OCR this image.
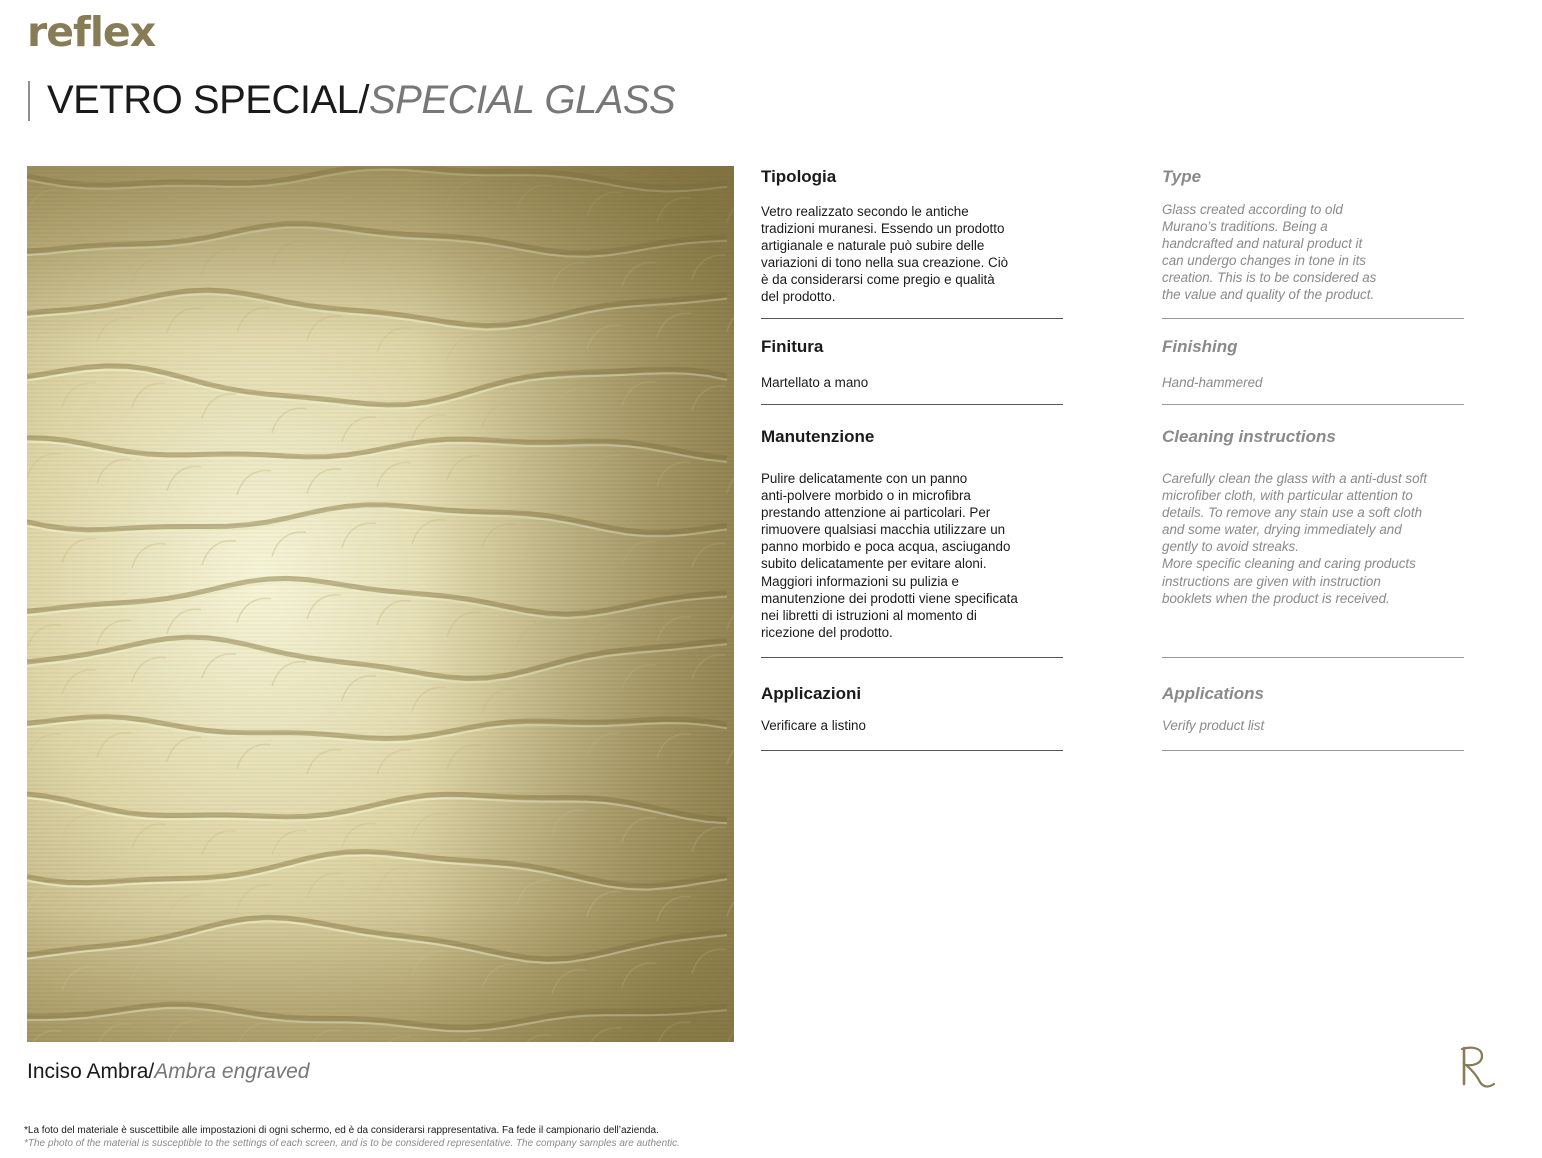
reflex
VETRO SPECIAL/SPECIAL GLASS
Inciso Ambra/Ambra engraved
Tipologia
Vetro realizzato secondo le antiche
tradizioni muranesi. Essendo un prodotto
artigianale e naturale può subire delle
variazioni di tono nella sua creazione. Ciò
è da considerarsi come pregio e qualità
del prodotto.
Finitura
Martellato a mano
Manutenzione
Pulire delicatamente con un panno
anti-polvere morbido o in microfibra
prestando attenzione ai particolari. Per
rimuovere qualsiasi macchia utilizzare un
panno morbido e poca acqua, asciugando
subito delicatamente per evitare aloni.
Maggiori informazioni su pulizia e
manutenzione dei prodotti viene specificata
nei libretti di istruzioni al momento di
ricezione del prodotto.
Applicazioni
Verificare a listino
Type
Glass created according to old
Murano’s traditions. Being a
handcrafted and natural product it
can undergo changes in tone in its
creation. This is to be considered as
the value and quality of the product.
Finishing
Hand-hammered
Cleaning instructions
Carefully clean the glass with a anti-dust soft
microfiber cloth, with particular attention to
details. To remove any stain use a soft cloth
and some water, drying immediately and
gently to avoid streaks.
More specific cleaning and caring products
instructions are given with instruction
booklets when the product is received.
Applications
Verify product list
*La foto del materiale è suscettibile alle impostazioni di ogni schermo, ed è da considerarsi rappresentativa. Fa fede il campionario dell’azienda.
*The photo of the material is susceptible to the settings of each screen, and is to be considered representative. The company samples are authentic.
